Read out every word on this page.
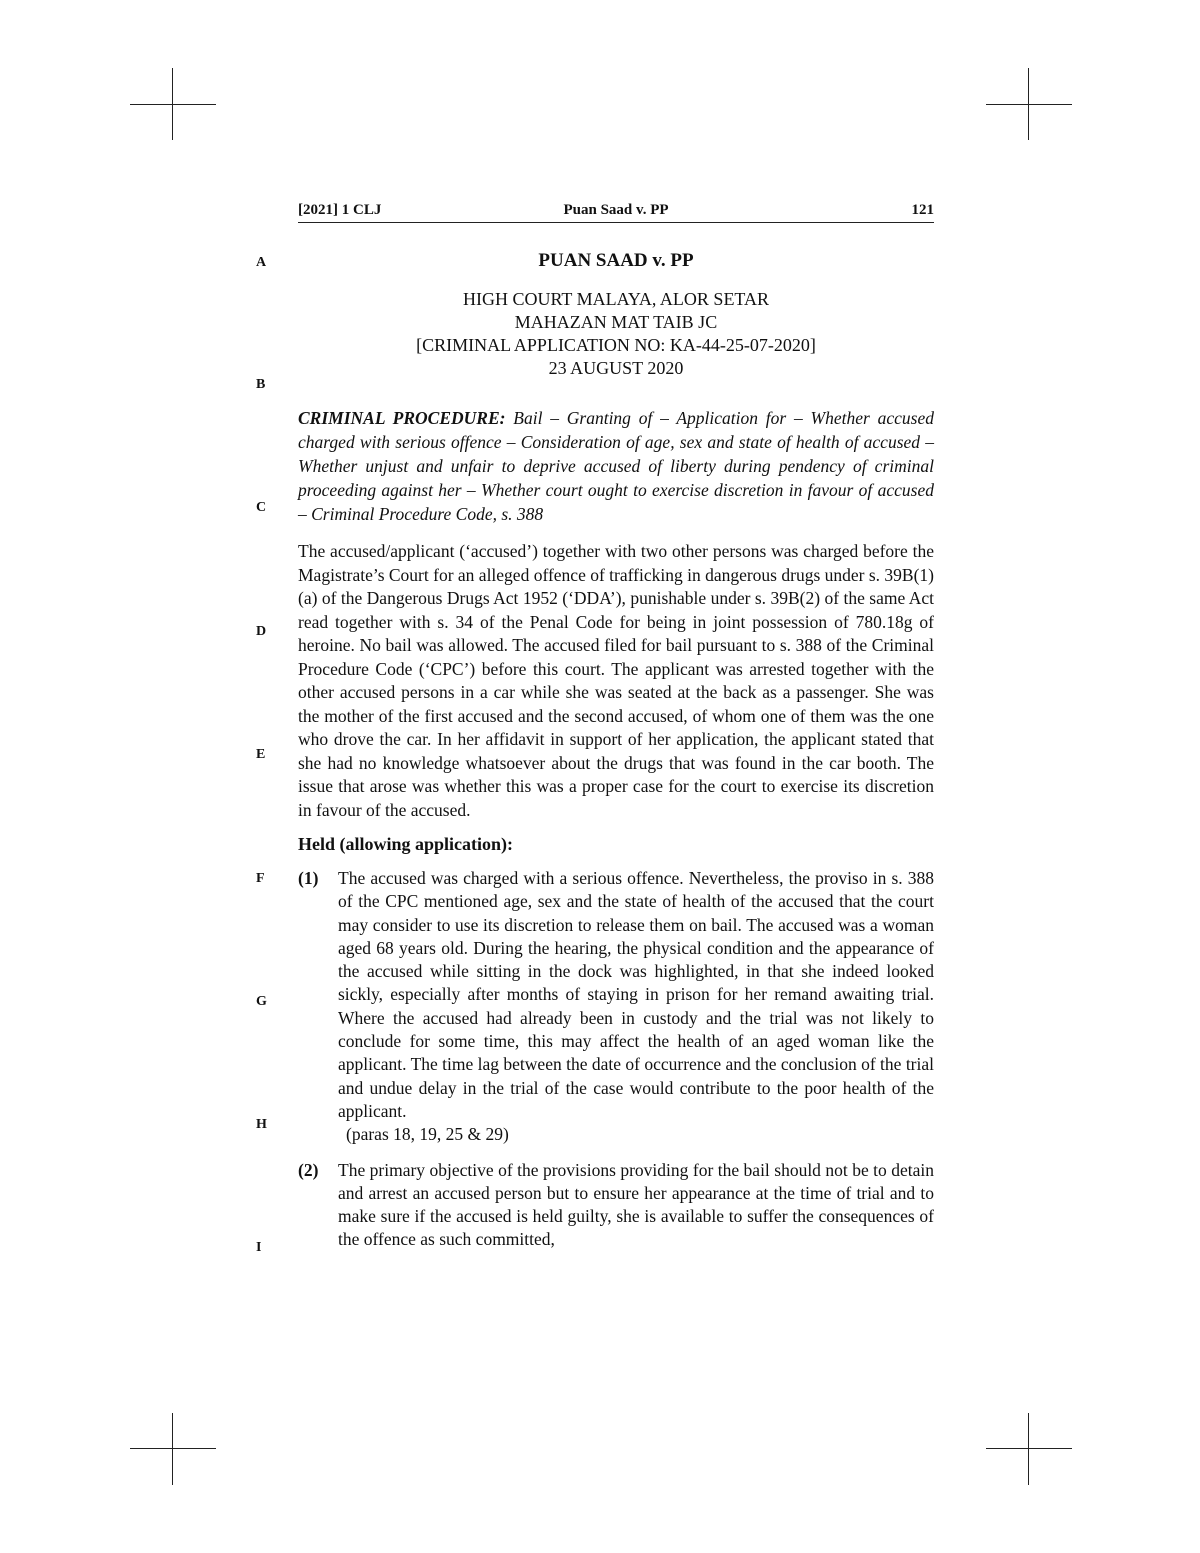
[2021] 1 CLJ	Puan Saad v. PP	121
A
B
C
D
E
F
G
H
I
PUAN SAAD v. PP
HIGH COURT MALAYA, ALOR SETAR
MAHAZAN MAT TAIB JC
[CRIMINAL APPLICATION NO: KA-44-25-07-2020]
23 AUGUST 2020
CRIMINAL PROCEDURE: Bail – Granting of – Application for – Whether accused charged with serious offence – Consideration of age, sex and state of health of accused – Whether unjust and unfair to deprive accused of liberty during pendency of criminal proceeding against her – Whether court ought to exercise discretion in favour of accused – Criminal Procedure Code, s. 388
The accused/applicant (‘accused’) together with two other persons was charged before the Magistrate’s Court for an alleged offence of trafficking in dangerous drugs under s. 39B(1)(a) of the Dangerous Drugs Act 1952 (‘DDA’), punishable under s. 39B(2) of the same Act read together with s. 34 of the Penal Code for being in joint possession of 780.18g of heroine. No bail was allowed. The accused filed for bail pursuant to s. 388 of the Criminal Procedure Code (‘CPC’) before this court. The applicant was arrested together with the other accused persons in a car while she was seated at the back as a passenger. She was the mother of the first accused and the second accused, of whom one of them was the one who drove the car. In her affidavit in support of her application, the applicant stated that she had no knowledge whatsoever about the drugs that was found in the car booth. The issue that arose was whether this was a proper case for the court to exercise its discretion in favour of the accused.
Held (allowing application):
(1)	The accused was charged with a serious offence. Nevertheless, the proviso in s. 388 of the CPC mentioned age, sex and the state of health of the accused that the court may consider to use its discretion to release them on bail. The accused was a woman aged 68 years old. During the hearing, the physical condition and the appearance of the accused while sitting in the dock was highlighted, in that she indeed looked sickly, especially after months of staying in prison for her remand awaiting trial. Where the accused had already been in custody and the trial was not likely to conclude for some time, this may affect the health of an aged woman like the applicant. The time lag between the date of occurrence and the conclusion of the trial and undue delay in the trial of the case would contribute to the poor health of the applicant.
(paras 18, 19, 25 & 29)
(2)	The primary objective of the provisions providing for the bail should not be to detain and arrest an accused person but to ensure her appearance at the time of trial and to make sure if the accused is held guilty, she is available to suffer the consequences of the offence as such committed,
